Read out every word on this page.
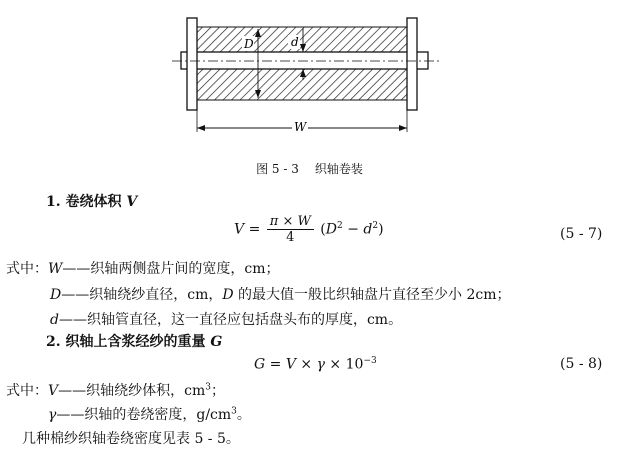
D	d
W
图 5 - 3 织轴卷装
1. 卷绕体积 V
$V = \frac{\pi \times W}{4} (D^2 - d^2)$	(5 - 7)
式中：W——织轴两侧盘片间的宽度，cm；
D——织轴绕纱直径，cm，D 的最大值一般比织轴盘片直径至少小 2cm；
d——织轴管直径，这一直径应包括盘头布的厚度，cm。
2. 织轴上含浆经纱的重量 G
$G = V \times \gamma \times 10^{-3}$	(5 - 8)
式中：V——织轴绕纱体积，$cm^3$；
γ——织轴的卷绕密度，$g/cm^3$。
几种棉纱织轴卷绕密度见表 5 - 5。
